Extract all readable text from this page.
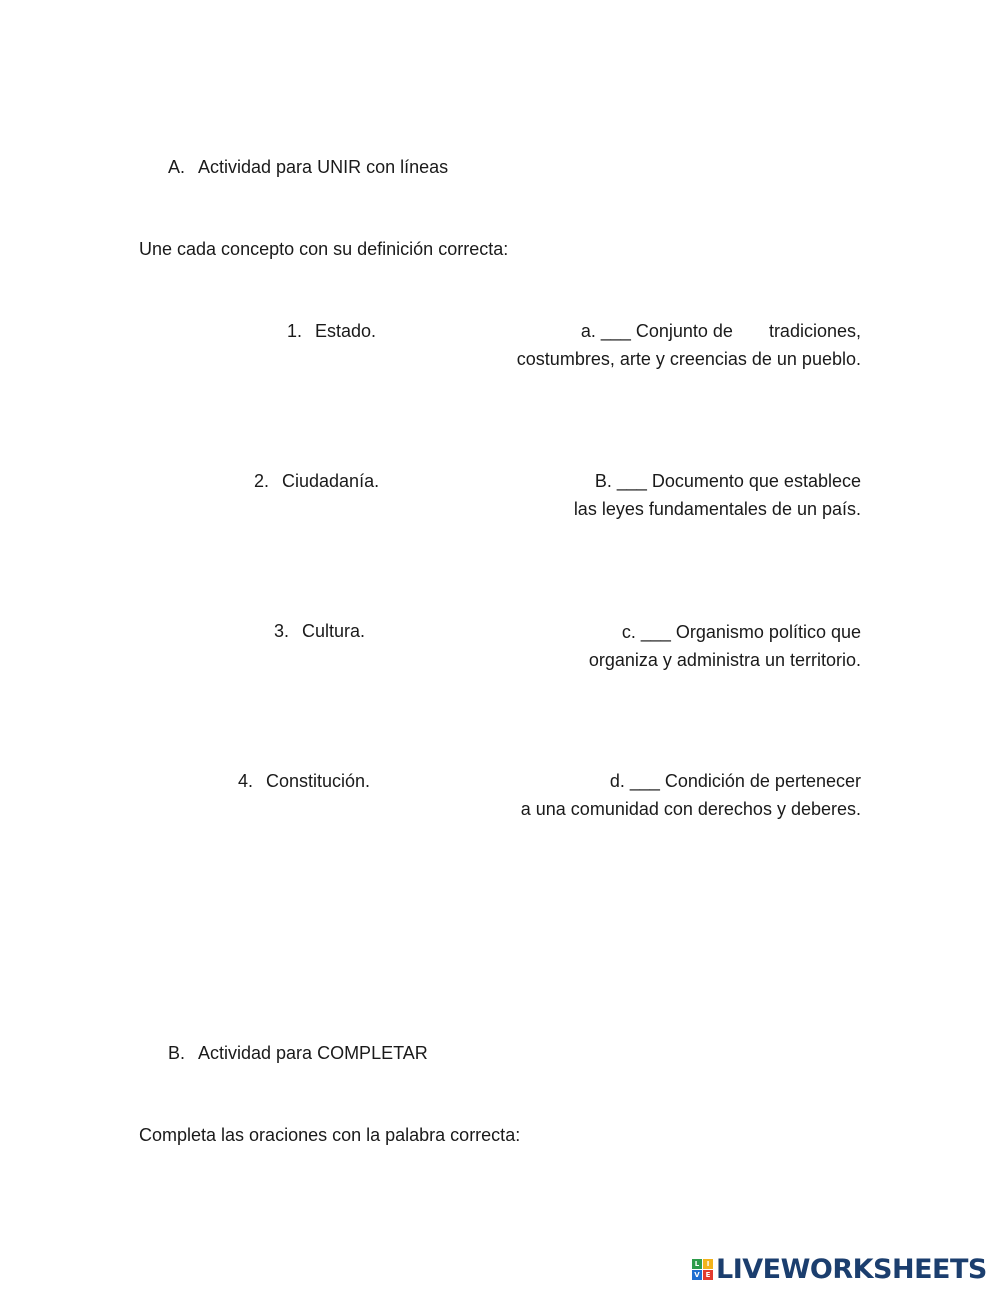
A. Actividad para UNIR con líneas
Une cada concepto con su definición correcta:
1. Estado.
2. Ciudadanía.
3. Cultura.
4. Constitución.
a. ___ Conjunto de tradiciones,
costumbres, arte y creencias de un pueblo.
B. ___ Documento que establece
las leyes fundamentales de un país.
c. ___ Organismo político que
organiza y administra un territorio.
d. ___ Condición de pertenecer
a una comunidad con derechos y deberes.
B. Actividad para COMPLETAR
Completa las oraciones con la palabra correcta:
L	I
V E LIVEWORKSHEETS
